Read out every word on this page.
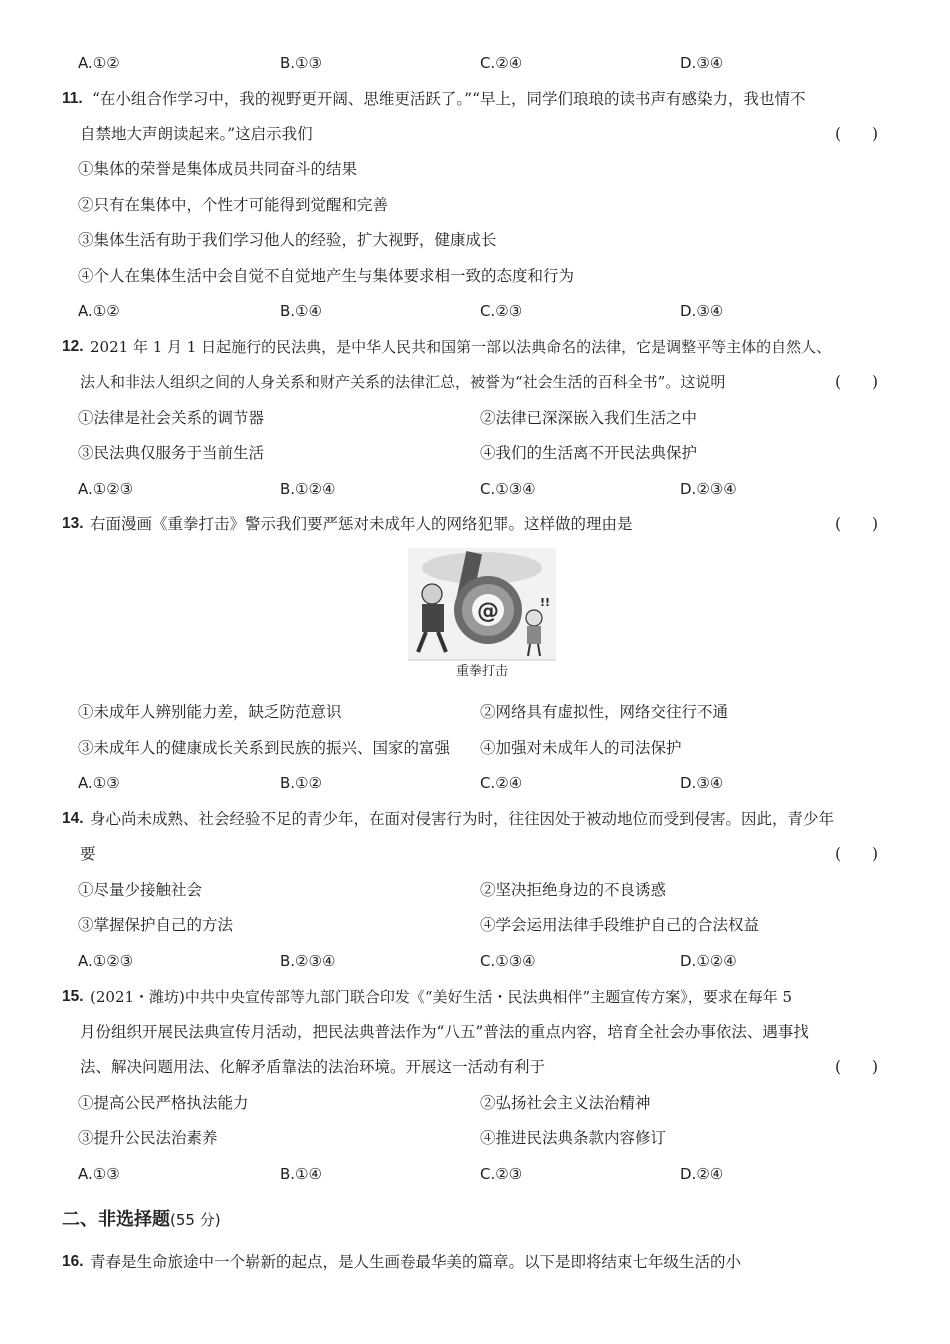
A.①②	B.①③	C.②④	D.③④
11. “在小组合作学习中，我的视野更开阔、思维更活跃了。”“早上，同学们琅琅的读书声有感染力，我也情不
自禁地大声朗读起来。”这启示我们	(　　)
①集体的荣誉是集体成员共同奋斗的结果
②只有在集体中，个性才可能得到觉醒和完善
③集体生活有助于我们学习他人的经验，扩大视野，健康成长
④个人在集体生活中会自觉不自觉地产生与集体要求相一致的态度和行为
A.①②	B.①④	C.②③	D.③④
12. 2021 年 1 月 1 日起施行的民法典，是中华人民共和国第一部以法典命名的法律，它是调整平等主体的自然人、
法人和非法人组织之间的人身关系和财产关系的法律汇总，被誉为“社会生活的百科全书”。这说明	(　　)
①法律是社会关系的调节器	②法律已深深嵌入我们生活之中
③民法典仅服务于当前生活	④我们的生活离不开民法典保护
A.①②③	B.①②④	C.①③④	D.②③④
13. 右面漫画《重拳打击》警示我们要严惩对未成年人的网络犯罪。这样做的理由是	(　　)
@	!!
重拳打击
①未成年人辨别能力差，缺乏防范意识	②网络具有虚拟性，网络交往行不通
③未成年人的健康成长关系到民族的振兴、国家的富强 ④加强对未成年人的司法保护
A.①③	B.①②	C.②④	D.③④
14. 身心尚未成熟、社会经验不足的青少年，在面对侵害行为时，往往因处于被动地位而受到侵害。因此，青少年
要	(　　)
①尽量少接触社会	②坚决拒绝身边的不良诱惑
③掌握保护自己的方法	④学会运用法律手段维护自己的合法权益
A.①②③	B.②③④	C.①③④	D.①②④
15. (2021・潍坊)中共中央宣传部等九部门联合印发《“美好生活・民法典相伴”主题宣传方案》，要求在每年 5
月份组织开展民法典宣传月活动，把民法典普法作为“八五”普法的重点内容，培育全社会办事依法、遇事找
法、解决问题用法、化解矛盾靠法的法治环境。开展这一活动有利于	(　　)
①提高公民严格执法能力	②弘扬社会主义法治精神
③提升公民法治素养	④推进民法典条款内容修订
A.①③	B.①④	C.②③	D.②④
二、非选择题(55 分)
16. 青春是生命旅途中一个崭新的起点，是人生画卷最华美的篇章。以下是即将结束七年级生活的小
